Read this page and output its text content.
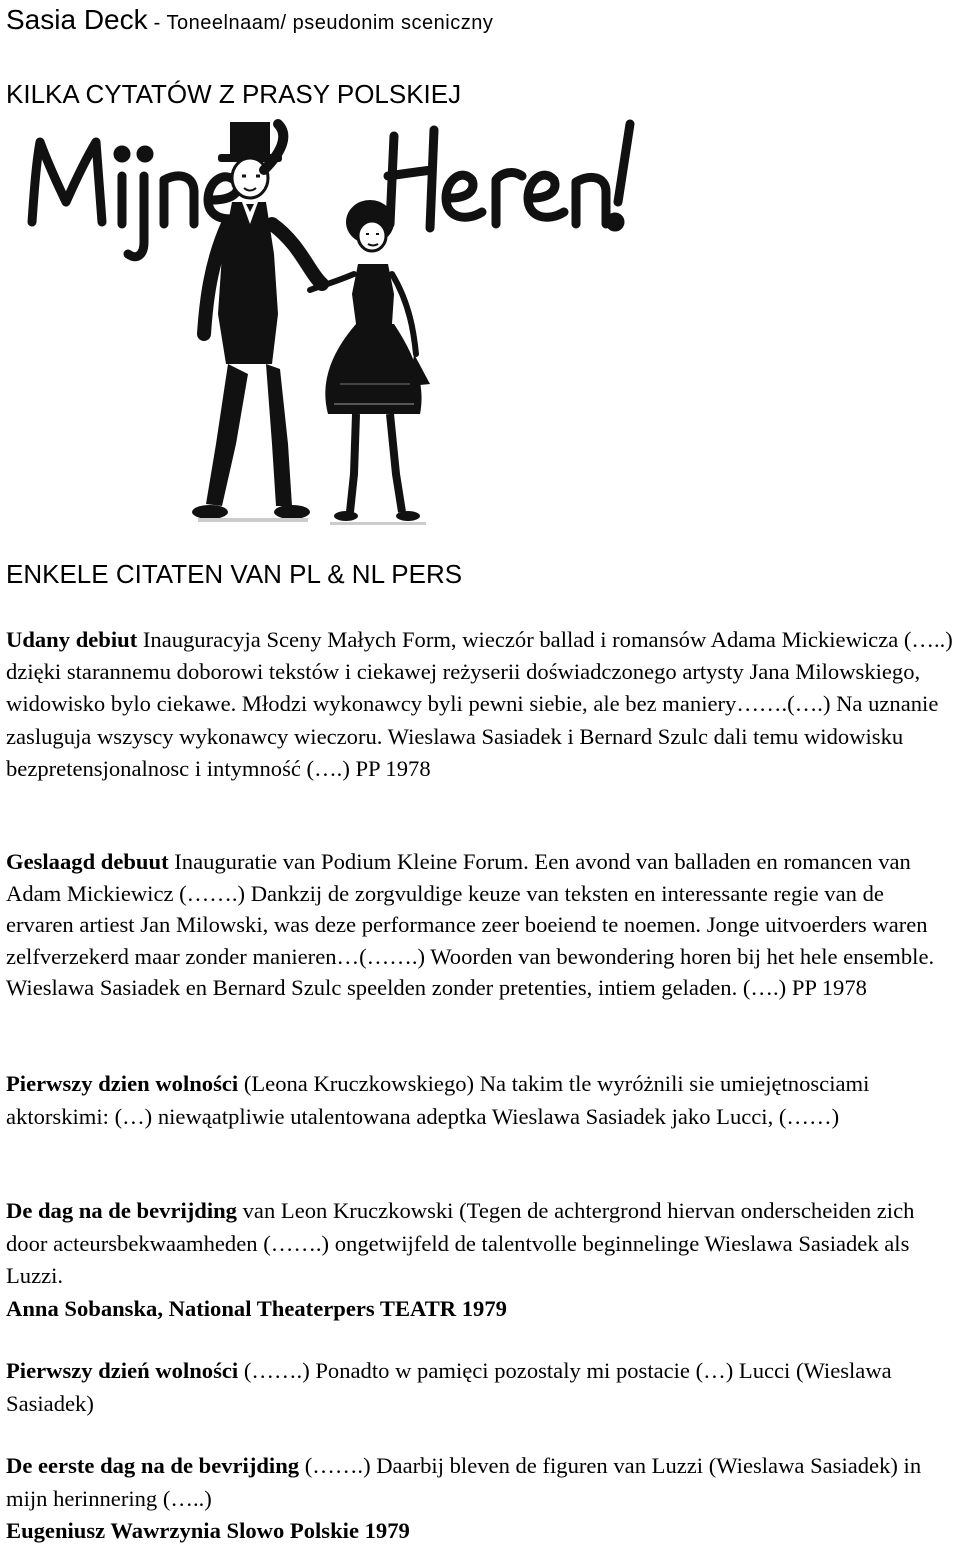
Sasia Deck - Toneelnaam/ pseudonim sceniczny
KILKA CYTATÓW Z PRASY POLSKIEJ
ENKELE CITATEN VAN PL & NL PERS

Udany debiut Inauguracyja Sceny Małych Form, wieczór ballad i romansów Adama Mickiewicza (…..) dzięki starannemu doborowi tekstów i ciekawej reżyserii doświadczonego artysty Jana Milowskiego, widowisko bylo ciekawe. Młodzi wykonawcy byli pewni siebie, ale bez maniery…….(….) Na uznanie zasluguja wszyscy wykonawcy wieczoru. Wieslawa Sasiadek i Bernard Szulc dali temu widowisku bezpretensjonalnosc i intymność (….) PP 1978

Geslaagd debuut Inauguratie van Podium Kleine Forum. Een avond van balladen en romancen van Adam Mickiewicz (…….) Dankzij de zorgvuldige keuze van teksten en interessante regie van de ervaren artiest Jan Milowski, was deze performance zeer boeiend te noemen. Jonge uitvoerders waren zelfverzekerd maar zonder manieren…(…….) Woorden van bewondering horen bij het hele ensemble. Wieslawa Sasiadek en Bernard Szulc speelden zonder pretenties, intiem geladen. (….) PP 1978

Pierwszy dzien wolności (Leona Kruczkowskiego) Na takim tle wyróżnili sie umiejętnosciami aktorskimi: (…) niewąatpliwie utalentowana adeptka Wieslawa Sasiadek jako Lucci, (……)

De dag na de bevrijding van Leon Kruczkowski (Tegen de achtergrond hiervan onderscheiden zich door acteursbekwaamheden (…….) ongetwijfeld de talentvolle beginnelinge Wieslawa Sasiadek als Luzzi.
Anna Sobanska, National Theaterpers TEATR 1979

Pierwszy dzień wolności (…….) Ponadto w pamięci pozostaly mi postacie (…) Lucci (Wieslawa Sasiadek)

De eerste dag na de bevrijding (…….) Daarbij bleven de figuren van Luzzi (Wieslawa Sasiadek) in mijn herinnering (…..)
Eugeniusz Wawrzynia Slowo Polskie 1979
